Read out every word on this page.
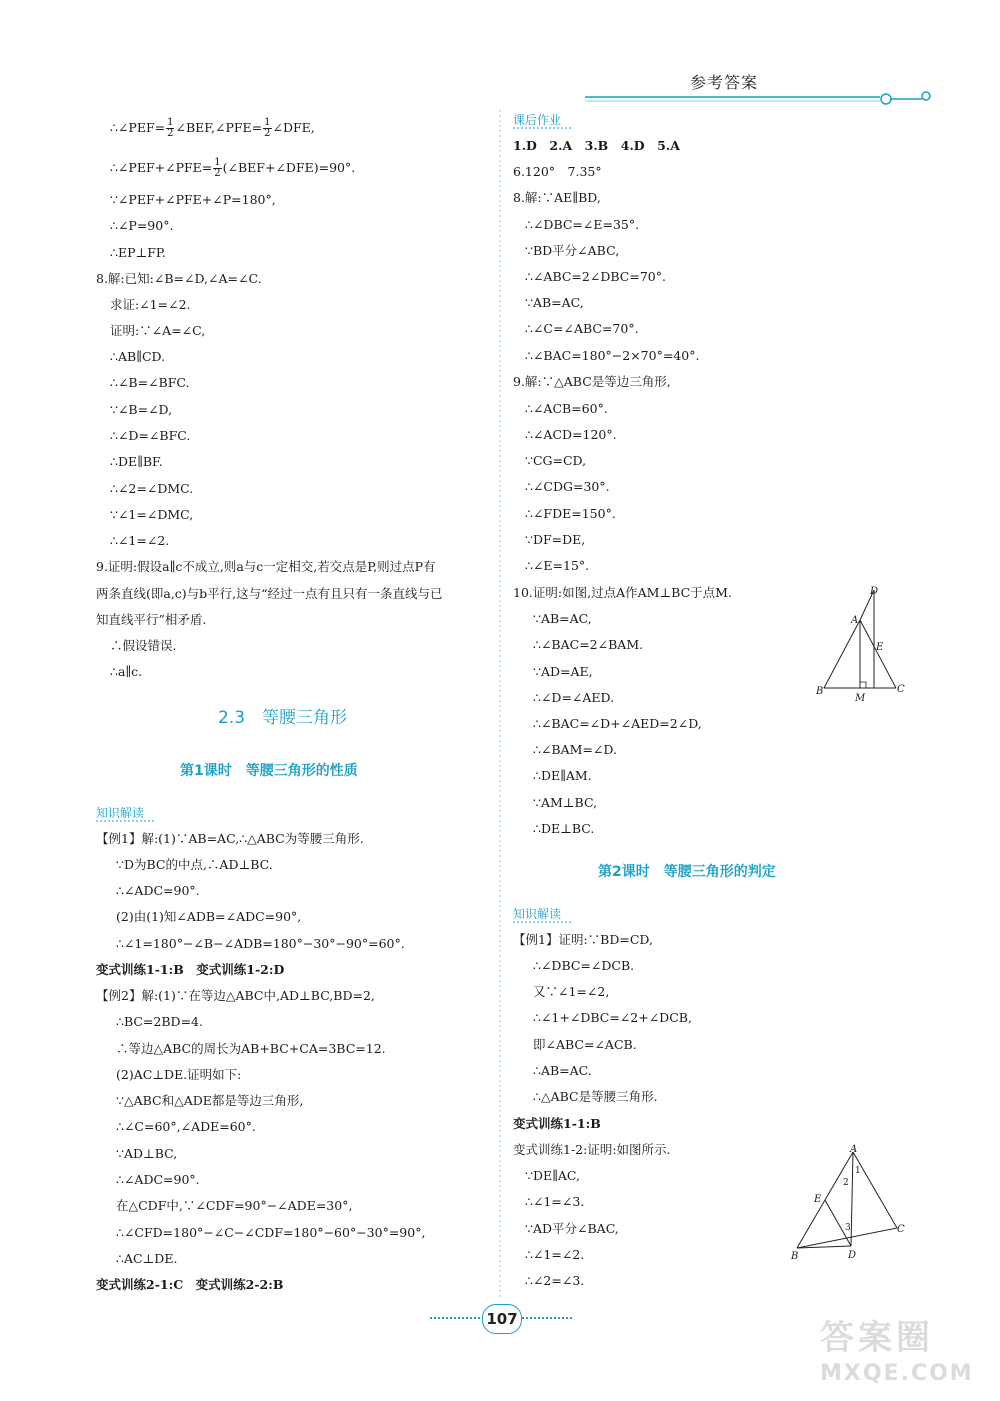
参考答案
∴∠PEF= $\frac{1}{2}$ ∠BEF,∠PFE= $\frac{1}{2}$ ∠DFE,
∴∠PEF+∠PFE= $\frac{1}{2}$ (∠BEF+∠DFE)=90°.
∵∠PEF+∠PFE+∠P=180°,
∴∠P=90°.
∴EP⊥FP.
8.解:已知:∠B=∠D,∠A=∠C.
求证:∠1=∠2.
证明:∵∠A=∠C,
∴AB∥CD.
∴∠B=∠BFC.
∵∠B=∠D,
∴∠D=∠BFC.
∴DE∥BF.
∴∠2=∠DMC.
∵∠1=∠DMC,
∴∠1=∠2.
9.证明:假设a∥c不成立,则a与c一定相交,若交点是P,则过点P有
两条直线(即a,c)与b平行,这与“经过一点有且只有一条直线与已
知直线平行”相矛盾.
∴假设错误.
∴a∥c.
2.3　等腰三角形
第1课时　等腰三角形的性质
知识解读
【例1】解:(1)∵AB=AC,∴△ABC为等腰三角形.
∵D为BC的中点,∴AD⊥BC.
∴∠ADC=90°.
(2)由(1)知∠ADB=∠ADC=90°,
∴∠1=180°−∠B−∠ADB=180°−30°−90°=60°.
变式训练1-1:B　变式训练1-2:D
【例2】解:(1)∵在等边△ABC中,AD⊥BC,BD=2,
∴BC=2BD=4.
∴等边△ABC的周长为AB+BC+CA=3BC=12.
(2)AC⊥DE.证明如下:
∵△ABC和△ADE都是等边三角形,
∴∠C=60°,∠ADE=60°.
∵AD⊥BC,
∴∠ADC=90°.
在△CDF中,∵∠CDF=90°−∠ADE=30°,
∴∠CFD=180°−∠C−∠CDF=180°−60°−30°=90°,
∴AC⊥DE.
变式训练2-1:C　变式训练2-2:B
课后作业
1.D　2.A　3.B　4.D　5.A
6.120°　7.35°
8.解:∵AE∥BD,
∴∠DBC=∠E=35°.
∵BD平分∠ABC,
∴∠ABC=2∠DBC=70°.
∵AB=AC,
∴∠C=∠ABC=70°.
∴∠BAC=180°−2×70°=40°.
9.解:∵△ABC是等边三角形,
∴∠ACB=60°.
∴∠ACD=120°.
∵CG=CD,
∴∠CDG=30°.
∴∠FDE=150°.
∵DF=DE,
∴∠E=15°.
10.证明:如图,过点A作AM⊥BC于点M.
∵AB=AC,
∴∠BAC=2∠BAM.
∵AD=AE,
∴∠D=∠AED.
∴∠BAC=∠D+∠AED=2∠D,
∴∠BAM=∠D.
∴DE∥AM.
∵AM⊥BC,
∴DE⊥BC.
D
A
E
B	C
M
第2课时　等腰三角形的判定
知识解读
【例1】证明:∵BD=CD,
∴∠DBC=∠DCB.
又∵∠1=∠2,
∴∠1+∠DBC=∠2+∠DCB,
即∠ABC=∠ACB.
∴AB=AC.
∴△ABC是等腰三角形.
变式训练1-1:B
变式训练1-2:证明:如图所示.
∵DE∥AC,
∴∠1=∠3.
∵AD平分∠BAC,
∴∠1=∠2.
∴∠2=∠3.
A
E
B	D
C
1
2
3
107	答案圈
MXQE.COM
